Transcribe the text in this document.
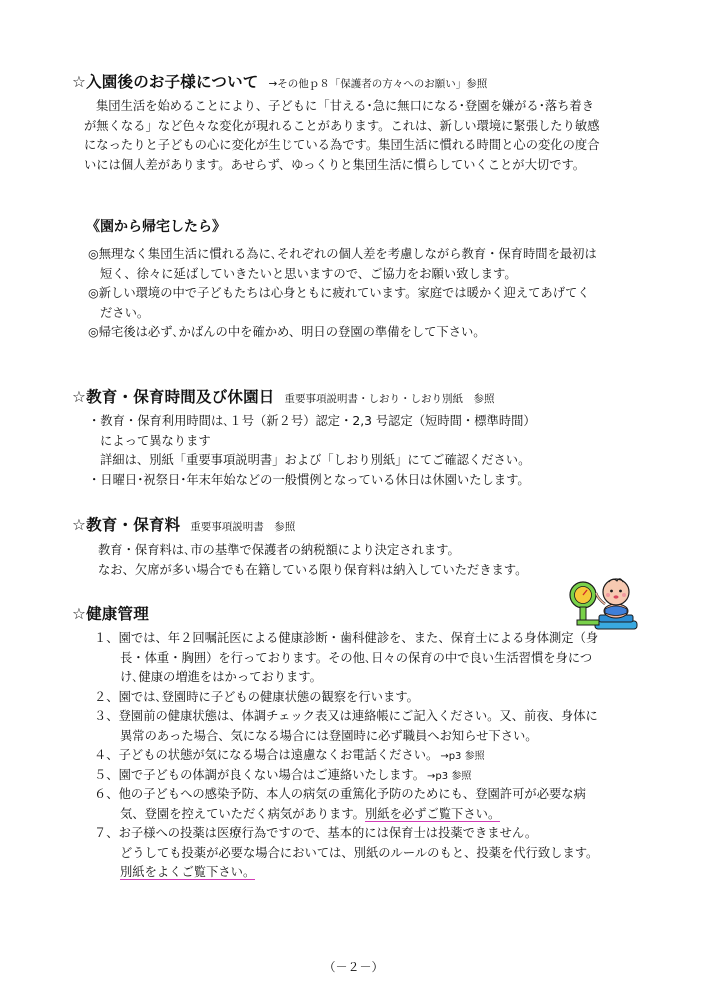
☆入園後のお子様について →その他ｐ８「保護者の方々へのお願い」参照
集団生活を始めることにより、子どもに「甘える･急に無口になる･登園を嫌がる･落ち着き
が無くなる」など色々な変化が現れることがあります。これは、新しい環境に緊張したり敏感
になったりと子どもの心に変化が生じている為です。集団生活に慣れる時間と心の変化の度合
いには個人差があります。あせらず、ゆっくりと集団生活に慣らしていくことが大切です。
《園から帰宅したら》
◎無理なく集団生活に慣れる為に､それぞれの個人差を考慮しながら教育・保育時間を最初は
短く、徐々に延ばしていきたいと思いますので、ご協力をお願い致します。
◎新しい環境の中で子どもたちは心身ともに疲れています。家庭では暖かく迎えてあげてく
ださい。
◎帰宅後は必ず､かばんの中を確かめ、明日の登園の準備をして下さい。
☆教育・保育時間及び休園日 重要事項説明書・しおり・しおり別紙　参照
・教育・保育利用時間は､１号（新２号）認定・2,3 号認定（短時間・標準時間）
によって異なります
詳細は、別紙「重要事項説明書」および「しおり別紙」にてご確認ください。
・日曜日･祝祭日･年末年始などの一般慣例となっている休日は休園いたします。
☆教育・保育料 重要事項説明書　参照
教育・保育料は､市の基準で保護者の納税額により決定されます。
なお、欠席が多い場合でも在籍している限り保育料は納入していただきます。
☆健康管理
１、園では、年２回嘱託医による健康診断・歯科健診を、また、保育士による身体測定（身
長・体重・胸囲）を行っております。その他､日々の保育の中で良い生活習慣を身につ
け､健康の増進をはかっております。
２、園では､登園時に子どもの健康状態の観察を行います。
３、登園前の健康状態は、体調チェック表又は連絡帳にご記入ください。又、前夜、身体に
異常のあった場合、気になる場合には登園時に必ず職員へお知らせ下さい。
４、子どもの状態が気になる場合は遠慮なくお電話ください。 →p3 参照
５、園で子どもの体調が良くない場合はご連絡いたします。 →p3 参照
６、他の子どもへの感染予防、本人の病気の重篤化予防のためにも、登園許可が必要な病
気、登園を控えていただく病気があります。別紙を必ずご覧下さい。
７、お子様への投薬は医療行為ですので、基本的には保育士は投薬できません。
どうしても投薬が必要な場合においては、別紙のルールのもと、投薬を代行致します。
別紙をよくご覧下さい。
（－２－）
